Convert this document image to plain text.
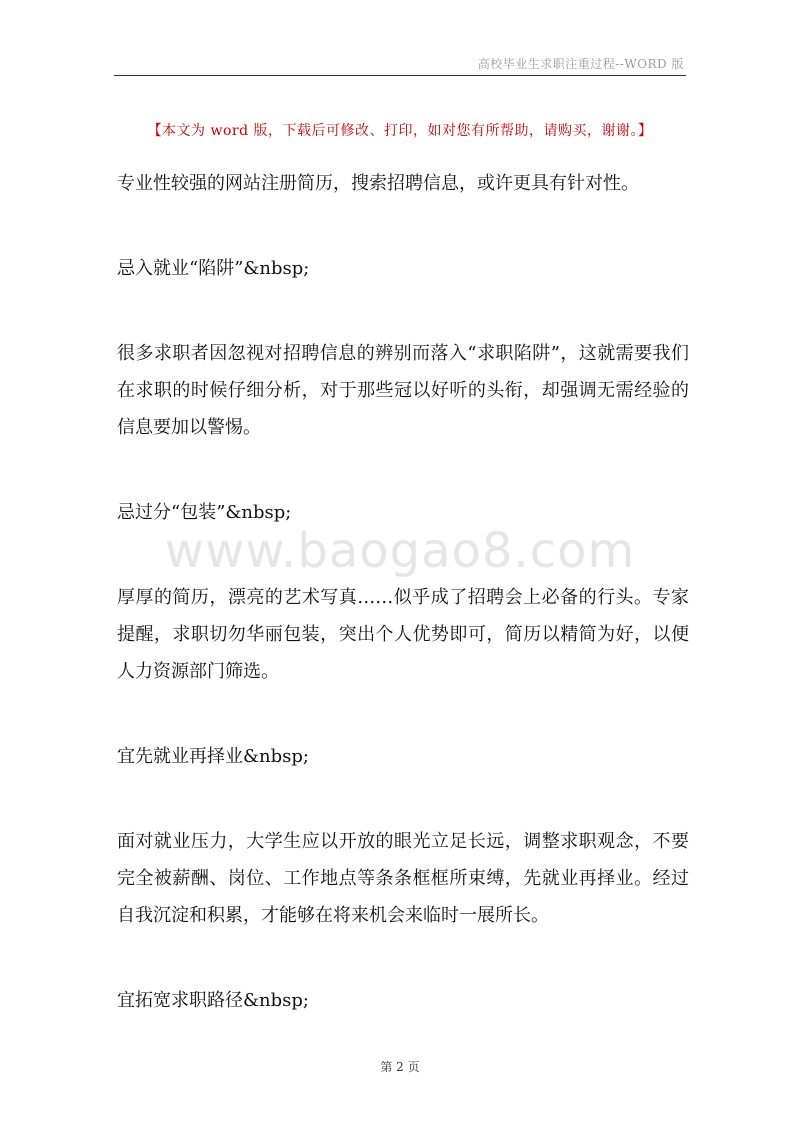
高校毕业生求职注重过程--WORD 版
【本文为 word 版，下载后可修改、打印，如对您有所帮助，请购买，谢谢。】

专业性较强的网站注册简历，搜索招聘信息，或许更具有针对性。

忌入就业“陷阱”&nbsp;

很多求职者因忽视对招聘信息的辨别而落入“求职陷阱”，这就需要我们在求职的时候仔细分析，对于那些冠以好听的头衔，却强调无需经验的信息要加以警惕。

忌过分“包装”&nbsp;

厚厚的简历，漂亮的艺术写真……似乎成了招聘会上必备的行头。专家提醒，求职切勿华丽包装，突出个人优势即可，简历以精简为好，以便人力资源部门筛选。

宜先就业再择业&nbsp;

面对就业压力，大学生应以开放的眼光立足长远，调整求职观念，不要完全被薪酬、岗位、工作地点等条条框框所束缚，先就业再择业。经过自我沉淀和积累，才能够在将来机会来临时一展所长。

宜拓宽求职路径&nbsp;

www.baogao8.com
第 2 页
